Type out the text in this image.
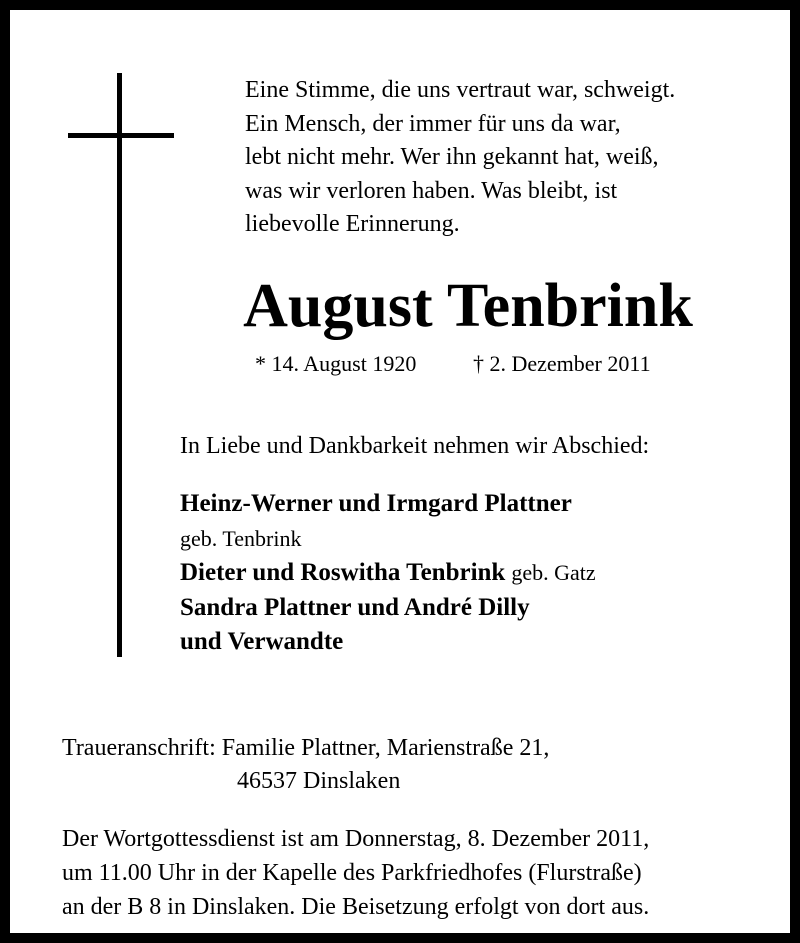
Eine Stimme, die uns vertraut war, schweigt.
Ein Mensch, der immer für uns da war,
lebt nicht mehr. Wer ihn gekannt hat, weiß,
was wir verloren haben. Was bleibt, ist
liebevolle Erinnerung.
August Tenbrink
* 14. August 1920	† 2. Dezember 2011
In Liebe und Dankbarkeit nehmen wir Abschied:
Heinz-Werner und Irmgard Plattner
geb. Tenbrink
Dieter und Roswitha Tenbrink geb. Gatz
Sandra Plattner und André Dilly
und Verwandte
Traueranschrift: Familie Plattner, Marienstraße 21,
46537 Dinslaken
Der Wortgottessdienst ist am Donnerstag, 8. Dezember 2011,
um 11.00 Uhr in der Kapelle des Parkfriedhofes (Flurstraße)
an der B 8 in Dinslaken. Die Beisetzung erfolgt von dort aus.
